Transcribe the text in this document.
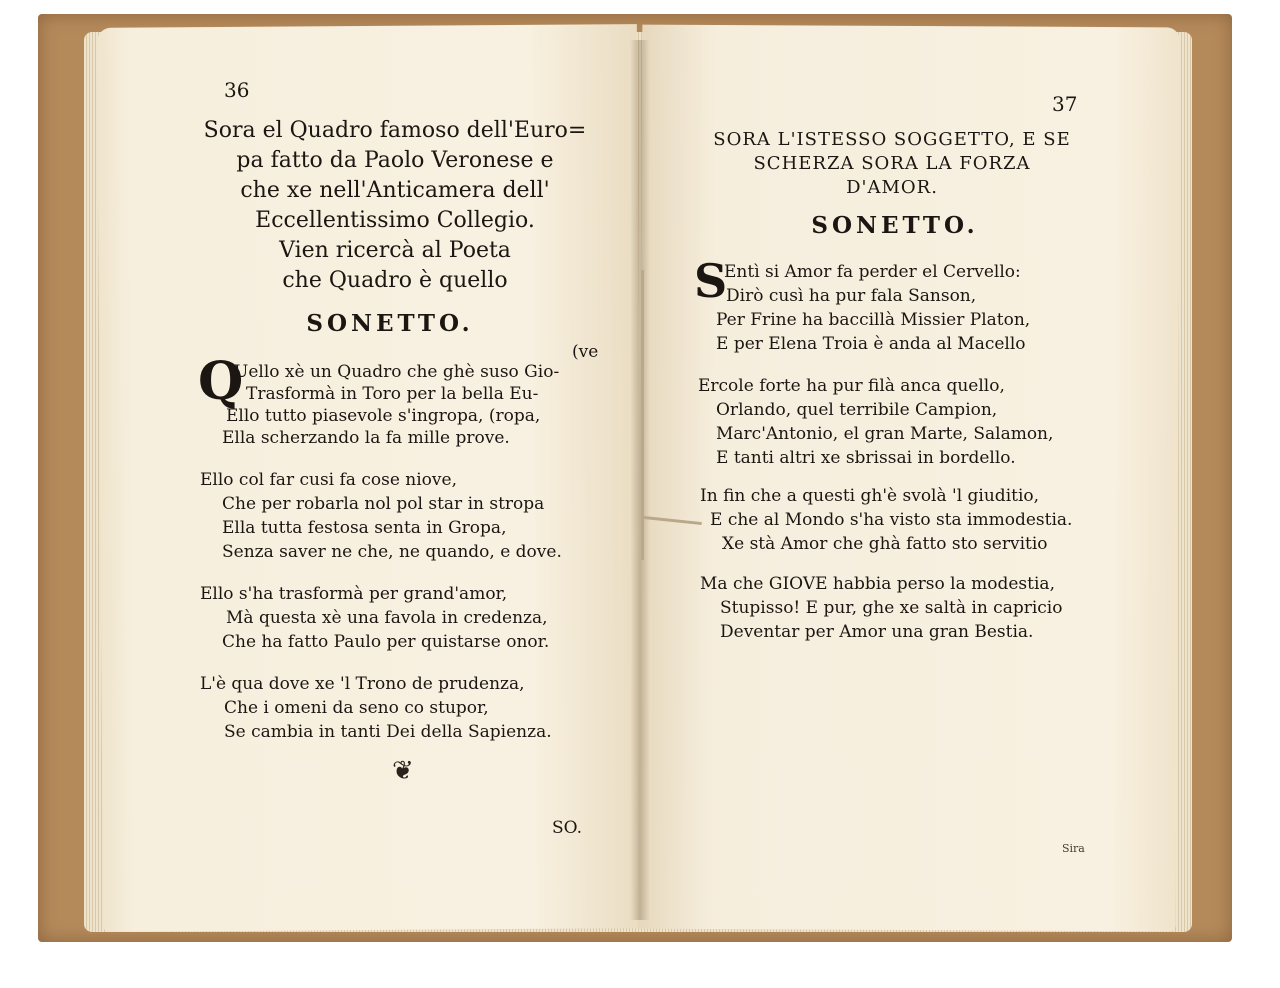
36
Sora el Quadro famoso dell'Euro=
pa fatto da Paolo Veronese e
che xe nell'Anticamera dell'
Eccellentissimo Collegio.
Vien ricercà al Poeta
che Quadro è quello
SONETTO.
Q	(ve
Uello xè un Quadro che ghè suso Gio-
Trasformà in Toro per la bella Eu-
Ello tutto piasevole s'ingropa, (ropa,
Ella scherzando la fa mille prove.
Ello col far cusi fa cose niove,
Che per robarla nol pol star in stropa
Ella tutta festosa senta in Gropa,
Senza saver ne che, ne quando, e dove.
Ello s'ha trasformà per grand'amor,
Mà questa xè una favola in credenza,
Che ha fatto Paulo per quistarse onor.
L'è qua dove xe 'l Trono de prudenza,
Che i omeni da seno co stupor,
Se cambia in tanti Dei della Sapienza.
❦
SO.
37
SORA L'ISTESSO SOGGETTO, E SE
SCHERZA SORA LA FORZA
D'AMOR.
SONETTO.
S
Entì si Amor fa perder el Cervello:
Dirò cusì ha pur fala Sanson,
Per Frine ha baccillà Missier Platon,
E per Elena Troia è anda al Macello
Ercole forte ha pur filà anca quello,
Orlando, quel terribile Campion,
Marc'Antonio, el gran Marte, Salamon,
E tanti altri xe sbrissai in bordello.
In fin che a questi gh'è svolà 'l giuditio,
E che al Mondo s'ha visto sta immodestia.
Xe stà Amor che ghà fatto sto servitio
Ma che GIOVE habbia perso la modestia,
Stupisso! E pur, ghe xe saltà in capricio
Deventar per Amor una gran Bestia.
Sira
